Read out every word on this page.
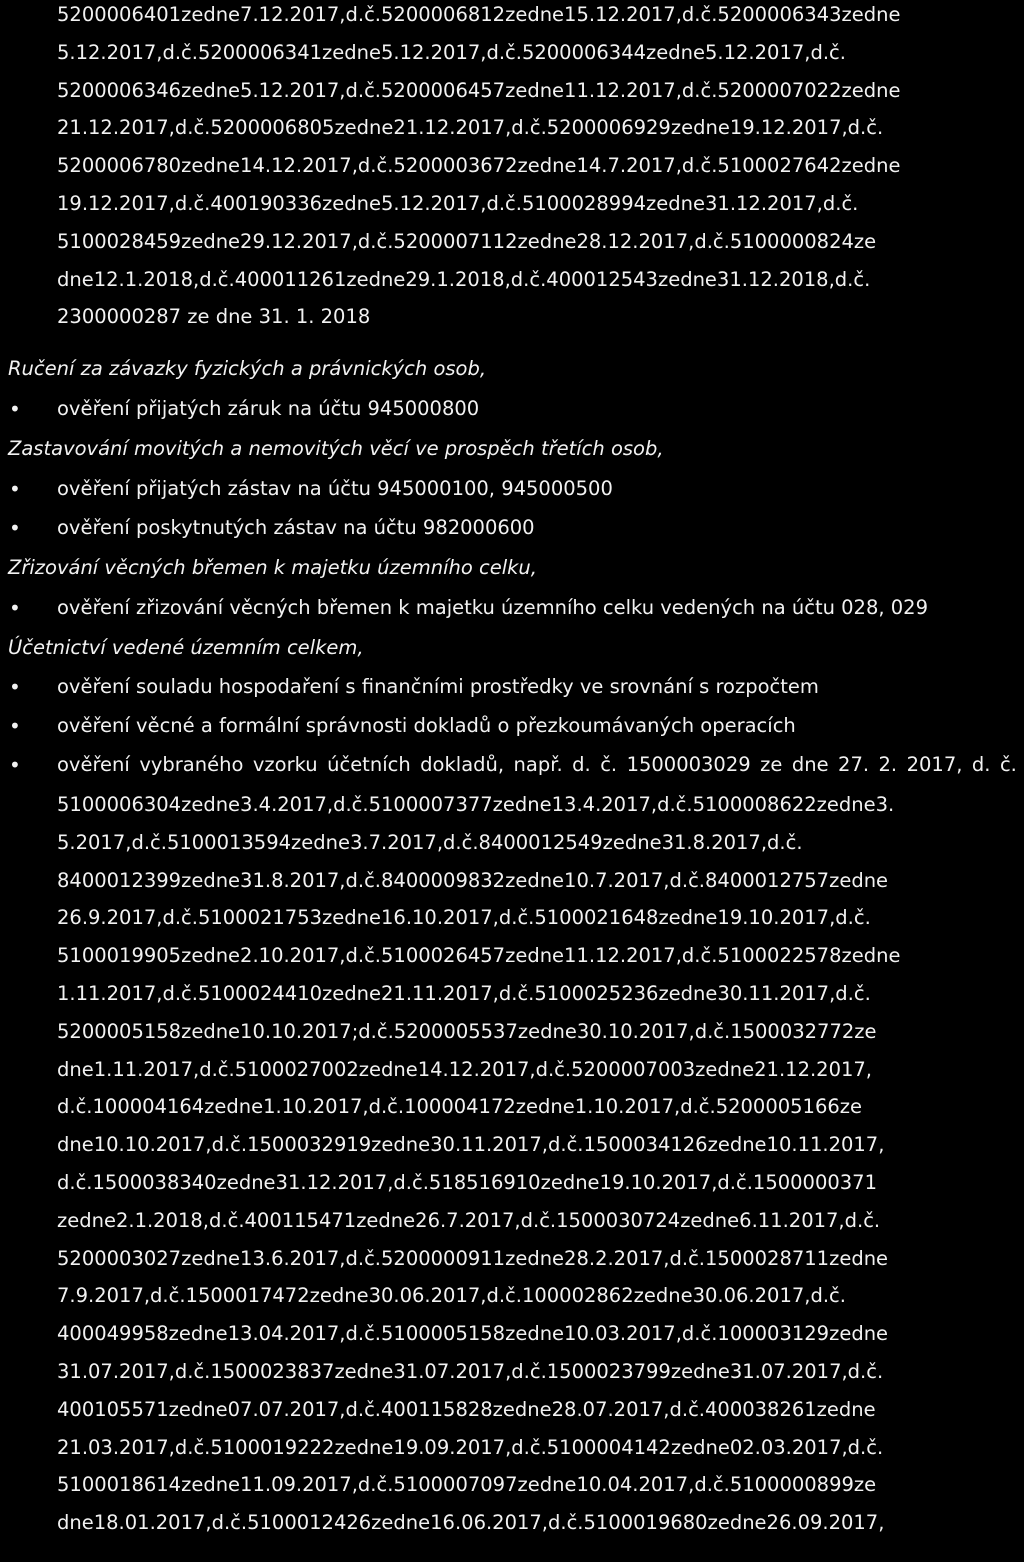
5200006401zedne7.12.2017,d.č.5200006812zedne15.12.2017,d.č.5200006343zedne
5.12.2017,d.č.5200006341zedne5.12.2017,d.č.5200006344zedne5.12.2017,d.č.
5200006346zedne5.12.2017,d.č.5200006457zedne11.12.2017,d.č.5200007022zedne
21.12.2017,d.č.5200006805zedne21.12.2017,d.č.5200006929zedne19.12.2017,d.č.
5200006780zedne14.12.2017,d.č.5200003672zedne14.7.2017,d.č.5100027642zedne
19.12.2017,d.č.400190336zedne5.12.2017,d.č.5100028994zedne31.12.2017,d.č.
5100028459zedne29.12.2017,d.č.5200007112zedne28.12.2017,d.č.5100000824ze
dne12.1.2018,d.č.400011261zedne29.1.2018,d.č.400012543zedne31.12.2018,d.č.
2300000287 ze dne 31. 1. 2018
Ručení za závazky fyzických a právnických osob,
• ověření přijatých záruk na účtu 945000800
Zastavování movitých a nemovitých věcí ve prospěch třetích osob,
• ověření přijatých zástav na účtu 945000100, 945000500
• ověření poskytnutých zástav na účtu 982000600
Zřizování věcných břemen k majetku územního celku,
• ověření zřizování věcných břemen k majetku územního celku vedených na účtu 028, 029
Účetnictví vedené územním celkem,
• ověření souladu hospodaření s finančními prostředky ve srovnání s rozpočtem
• ověření věcné a formální správnosti dokladů o přezkoumávaných operacích
• ověření vybraného vzorku účetních dokladů, např. d. č. 1500003029 ze dne 27. 2. 2017, d. č.
5100006304zedne3.4.2017,d.č.5100007377zedne13.4.2017,d.č.5100008622zedne3.
5.2017,d.č.5100013594zedne3.7.2017,d.č.8400012549zedne31.8.2017,d.č.
8400012399zedne31.8.2017,d.č.8400009832zedne10.7.2017,d.č.8400012757zedne
26.9.2017,d.č.5100021753zedne16.10.2017,d.č.5100021648zedne19.10.2017,d.č.
5100019905zedne2.10.2017,d.č.5100026457zedne11.12.2017,d.č.5100022578zedne
1.11.2017,d.č.5100024410zedne21.11.2017,d.č.5100025236zedne30.11.2017,d.č.
5200005158zedne10.10.2017;d.č.5200005537zedne30.10.2017,d.č.1500032772ze
dne1.11.2017,d.č.5100027002zedne14.12.2017,d.č.5200007003zedne21.12.2017,
d.č.100004164zedne1.10.2017,d.č.100004172zedne1.10.2017,d.č.5200005166ze
dne10.10.2017,d.č.1500032919zedne30.11.2017,d.č.1500034126zedne10.11.2017,
d.č.1500038340zedne31.12.2017,d.č.518516910zedne19.10.2017,d.č.1500000371
zedne2.1.2018,d.č.400115471zedne26.7.2017,d.č.1500030724zedne6.11.2017,d.č.
5200003027zedne13.6.2017,d.č.5200000911zedne28.2.2017,d.č.1500028711zedne
7.9.2017,d.č.1500017472zedne30.06.2017,d.č.100002862zedne30.06.2017,d.č.
400049958zedne13.04.2017,d.č.5100005158zedne10.03.2017,d.č.100003129zedne
31.07.2017,d.č.1500023837zedne31.07.2017,d.č.1500023799zedne31.07.2017,d.č.
400105571zedne07.07.2017,d.č.400115828zedne28.07.2017,d.č.400038261zedne
21.03.2017,d.č.5100019222zedne19.09.2017,d.č.5100004142zedne02.03.2017,d.č.
5100018614zedne11.09.2017,d.č.5100007097zedne10.04.2017,d.č.5100000899ze
dne18.01.2017,d.č.5100012426zedne16.06.2017,d.č.5100019680zedne26.09.2017,
